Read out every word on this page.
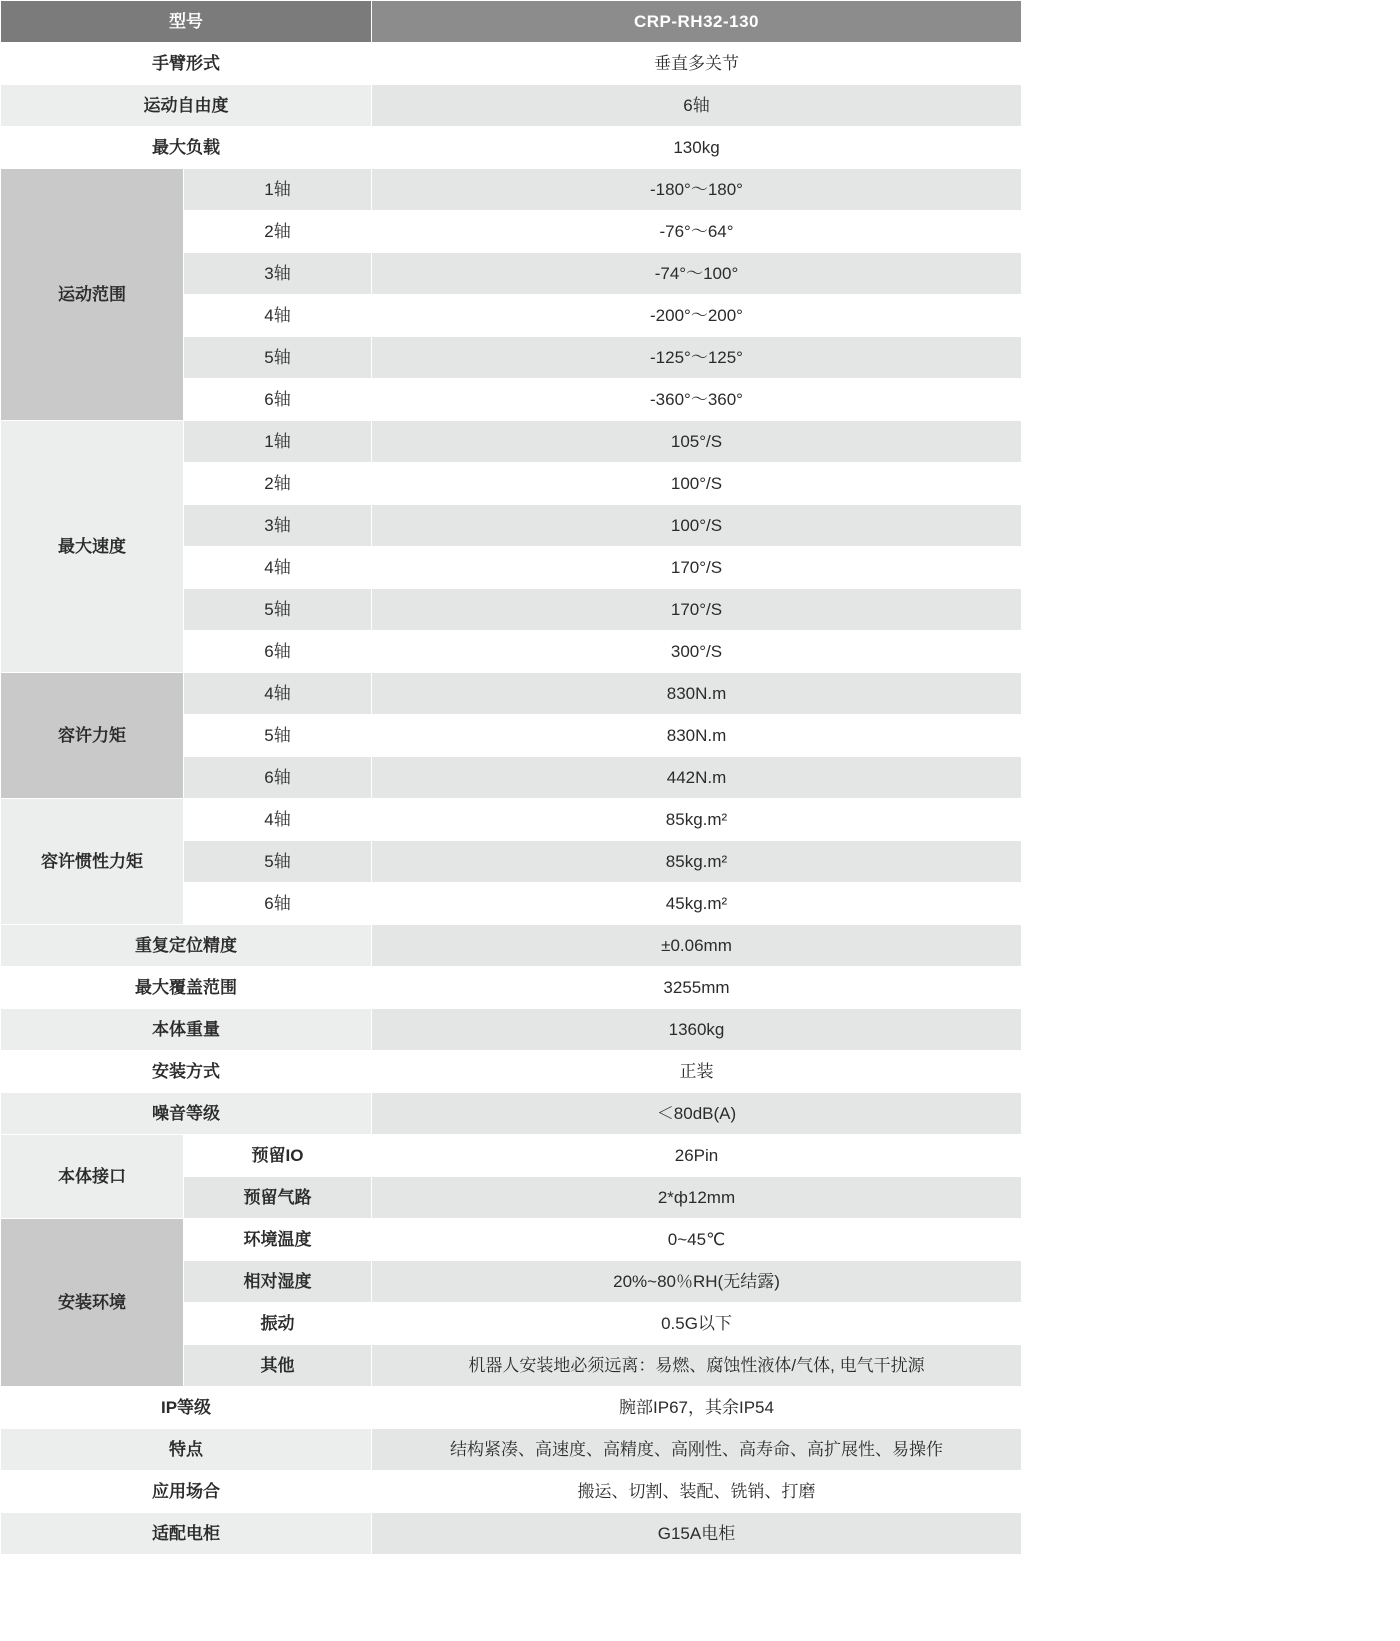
型号		CRP-RH32-130
手臂形式		垂直多关节
运动自由度		6轴
最大负载		130kg
运动范围	1轴	-180°～180°
	2轴	-76°～64°
	3轴	-74°～100°
	4轴	-200°～200°
	5轴	-125°～125°
	6轴	-360°～360°
最大速度	1轴	105°/S
	2轴	100°/S
	3轴	100°/S
	4轴	170°/S
	5轴	170°/S
	6轴	300°/S
容许力矩	4轴	830N.m
	5轴	830N.m
	6轴	442N.m
容许惯性力矩	4轴	85kg.m²
	5轴	85kg.m²
	6轴	45kg.m²
重复定位精度		±0.06mm
最大覆盖范围		3255mm
本体重量		1360kg
安装方式		正装
噪音等级		＜80dB(A)
本体接口	预留IO	26Pin
	预留气路	2*ф12mm
安装环境	环境温度	0~45℃
	相对湿度	20%~80％RH(无结露)
	振动	0.5G以下
	其他	机器人安装地必须远离：易燃、腐蚀性液体/气体, 电气干扰源
IP等级		腕部IP67，其余IP54
特点		结构紧凑、高速度、高精度、高刚性、高寿命、高扩展性、易操作
应用场合		搬运、切割、装配、铣销、打磨
适配电柜		G15A电柜
